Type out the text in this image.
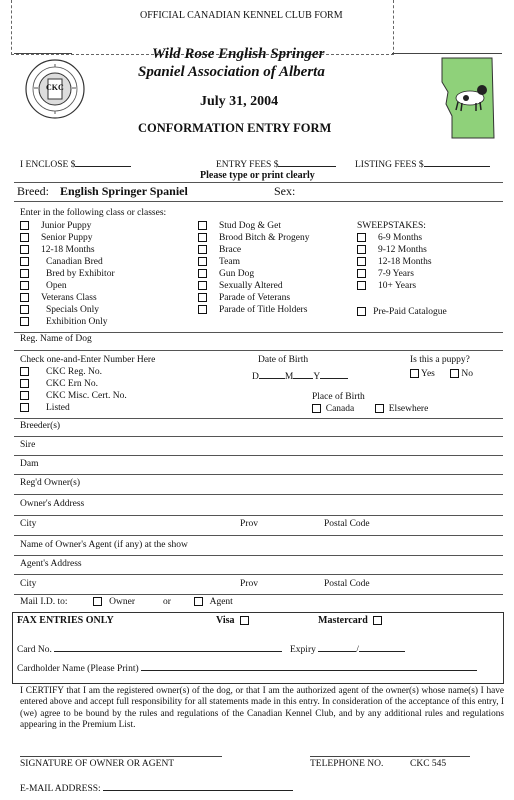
OFFICIAL CANADIAN KENNEL CLUB FORM
CKC
Wild Rose English Springer
Spaniel Association of Alberta
July 31, 2004
CONFORMATION ENTRY FORM
I ENCLOSE $	ENTRY FEES $	LISTING FEES $
Please type or print clearly
Breed: English Springer Spaniel	Sex:
Enter in the following class or classes:
Junior Puppy
Senior Puppy
12-18 Months
Canadian Bred
Bred by Exhibitor
Open
Veterans Class
Specials Only
Exhibition Only
Stud Dog & Get
Brood Bitch & Progeny
Brace
Team
Gun Dog
Sexually Altered
Parade of Veterans
Parade of Title Holders
SWEEPSTAKES:
6-9 Months
9-12 Months
12-18 Months
7-9 Years
10+ Years
Pre-Paid Catalogue
Reg. Name of Dog
Check one-and-Enter Number Here
CKC Reg. No.
CKC Ern No.
CKC Misc. Cert. No.
Listed
Date of Birth
D	M Y
Is this a puppy?
Yes	No
Place of Birth
Canada	Elsewhere
Breeder(s)
Sire
Dam
Reg'd Owner(s)
Owner's Address
City	Prov	Postal Code
Name of Owner's Agent (if any) at the show
Agent's Address
City	Prov	Postal Code
Mail I.D. to:	Owner	or	Agent
FAX ENTRIES ONLY	Visa	Mastercard
Card No.	Expiry	/
Cardholder Name (Please Print)
I CERTIFY that I am the registered owner(s) of the dog, or that I am the authorized agent of the owner(s) whose name(s) I have entered above and accept full responsibility for all statements made in this entry. In consideration of the acceptance of this entry, I (we) agree to be bound by the rules and regulations of the Canadian Kennel Club, and by any additional rules and regulations appearing in the Premium List.
SIGNATURE OF OWNER OR AGENT	TELEPHONE NO.	CKC 545
E-MAIL ADDRESS:
